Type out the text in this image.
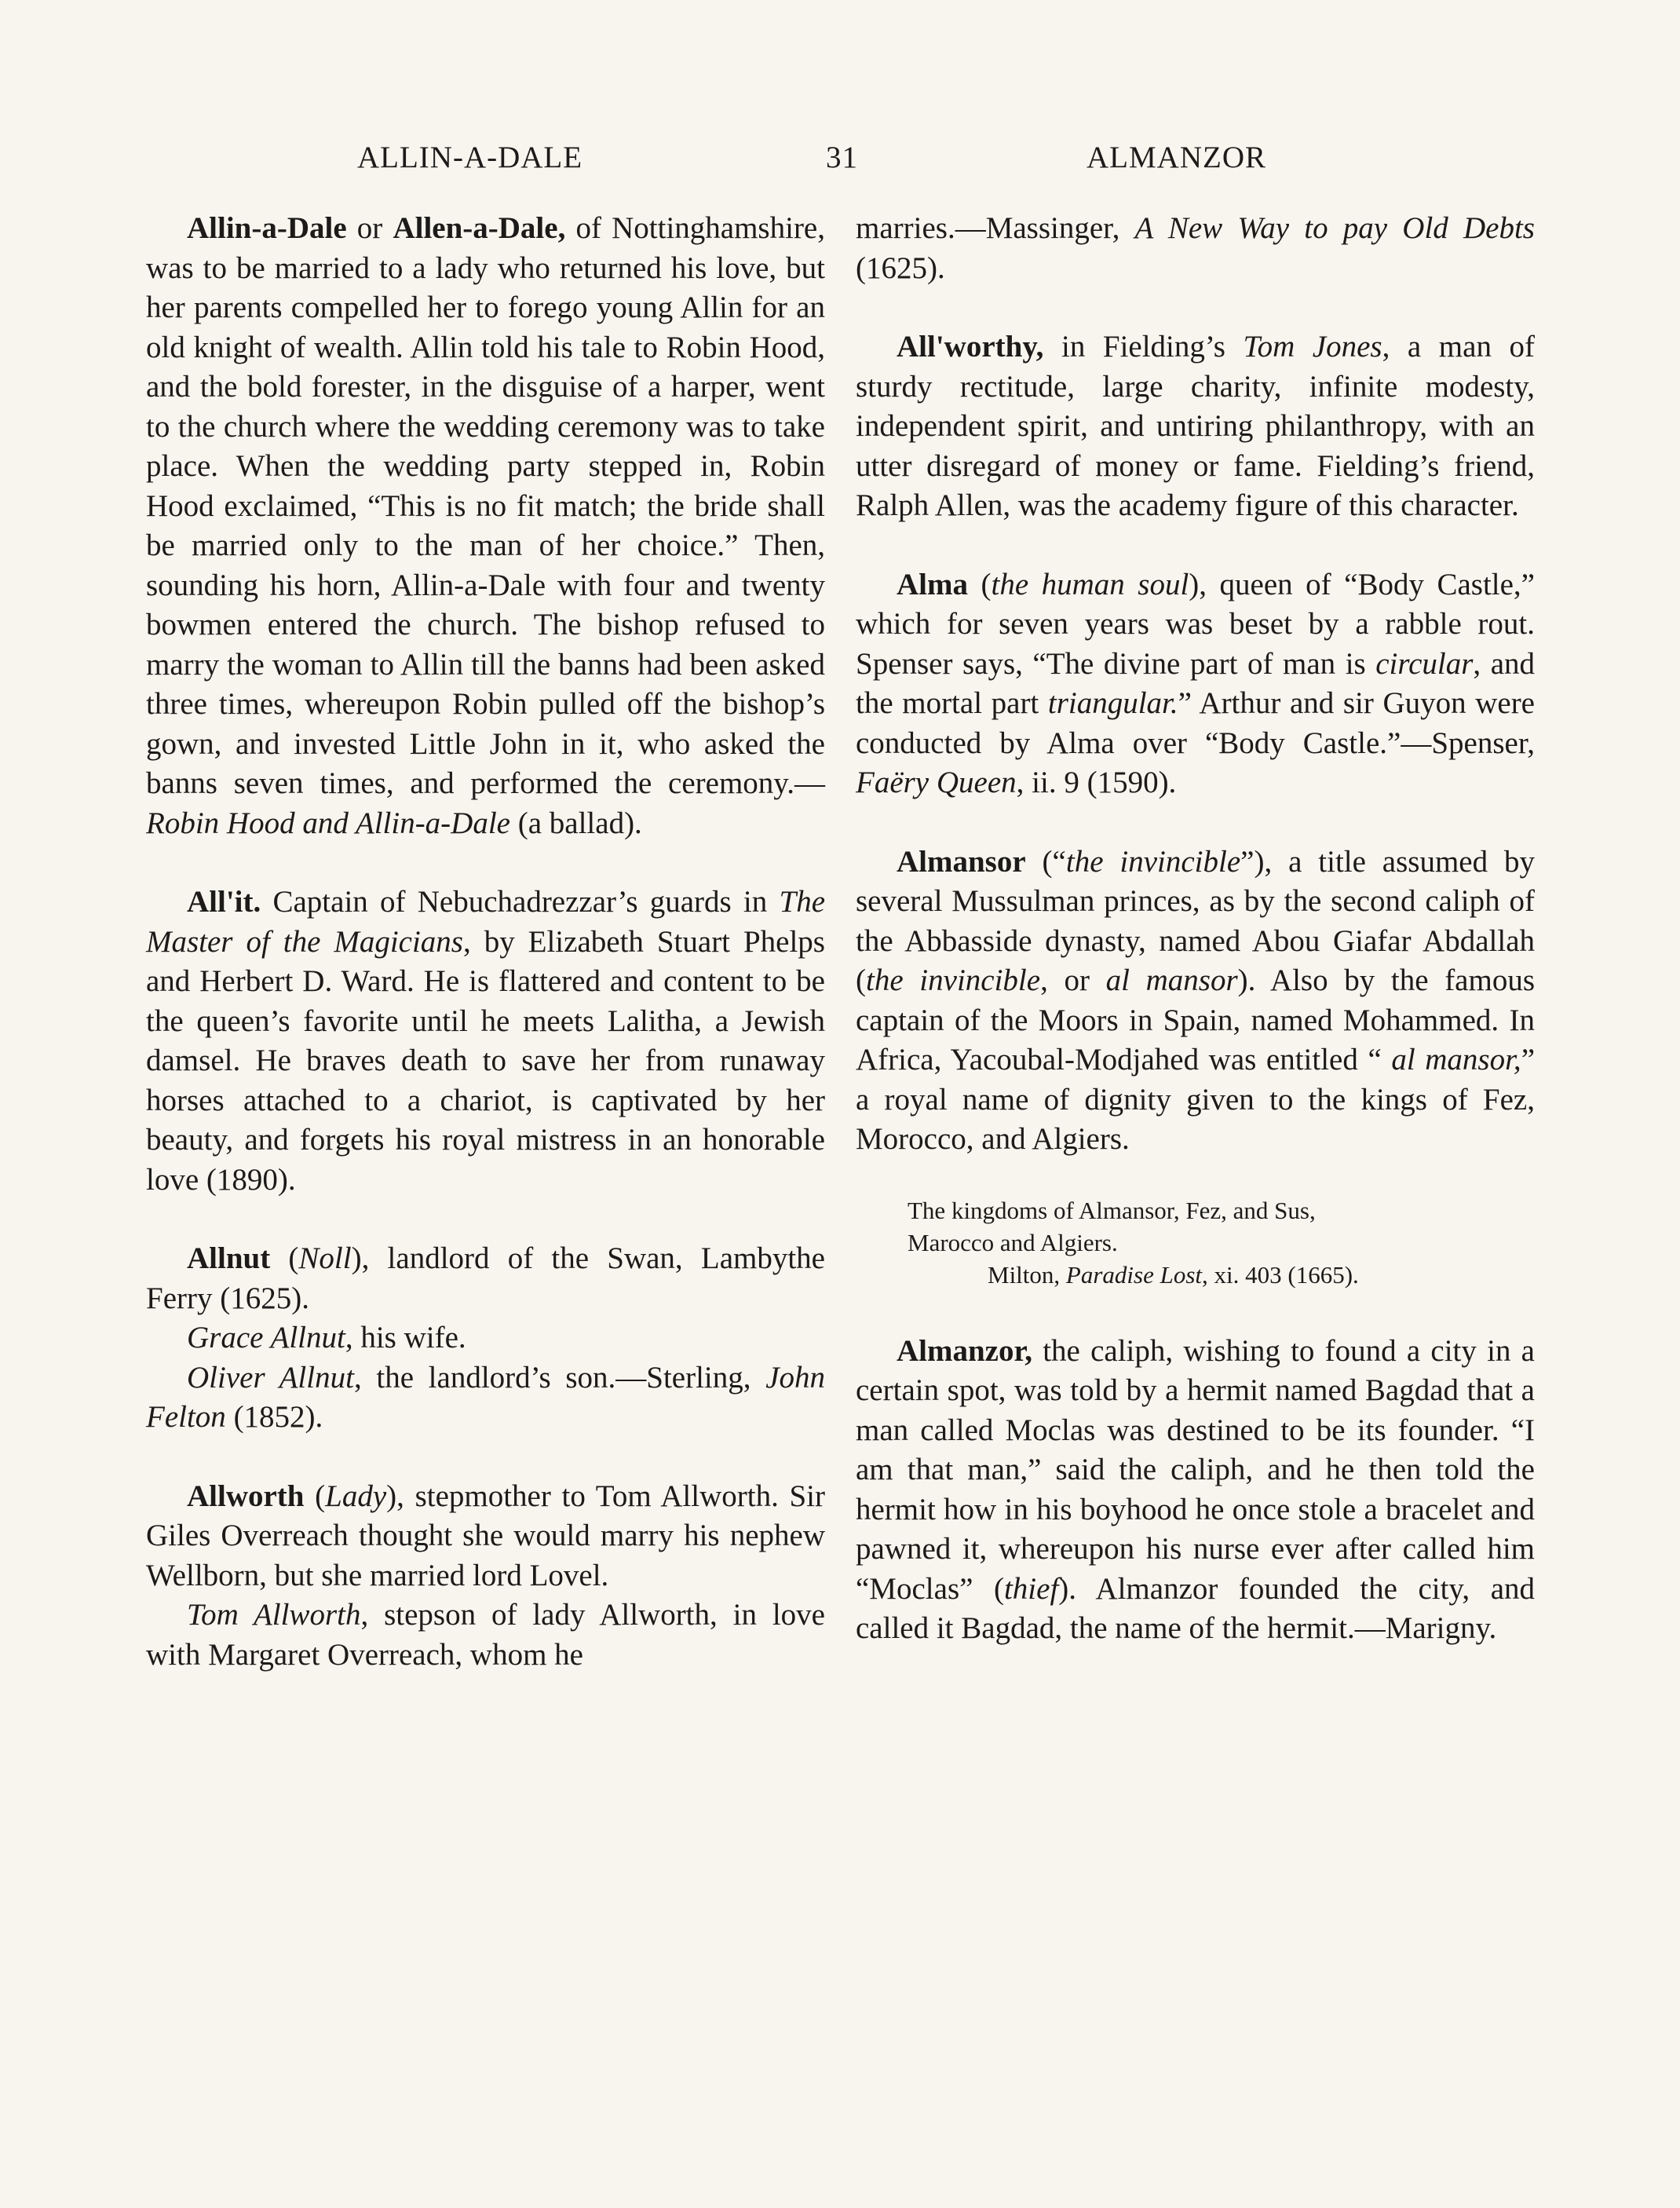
ALLIN-A-DALE	31	ALMANZOR

Allin-a-Dale or Allen-a-Dale, of Nottinghamshire, was to be married to a lady who returned his love, but her parents compelled her to forego young Allin for an old knight of wealth. Allin told his tale to Robin Hood, and the bold forester, in the disguise of a harper, went to the church where the wedding ceremony was to take place. When the wedding party stepped in, Robin Hood exclaimed, “This is no fit match; the bride shall be married only to the man of her choice.” Then, sounding his horn, Allin-a-Dale with four and twenty bowmen entered the church. The bishop refused to marry the woman to Allin till the banns had been asked three times, whereupon Robin pulled off the bishop’s gown, and invested Little John in it, who asked the banns seven times, and performed the ceremony.—Robin Hood and Allin-a-Dale (a ballad).

All'it. Captain of Nebuchadrezzar’s guards in The Master of the Magicians, by Elizabeth Stuart Phelps and Herbert D. Ward. He is flattered and content to be the queen’s favorite until he meets Lalitha, a Jewish damsel. He braves death to save her from runaway horses attached to a chariot, is captivated by her beauty, and forgets his royal mistress in an honorable love (1890).

Allnut (Noll), landlord of the Swan, Lambythe Ferry (1625).

Grace Allnut, his wife.

Oliver Allnut, the landlord’s son.—Sterling, John Felton (1852).

Allworth (Lady), stepmother to Tom Allworth. Sir Giles Overreach thought she would marry his nephew Wellborn, but she married lord Lovel.

Tom Allworth, stepson of lady Allworth, in love with Margaret Overreach, whom he

marries.—Massinger, A New Way to pay Old Debts (1625).

All'worthy, in Fielding’s Tom Jones, a man of sturdy rectitude, large charity, infinite modesty, independent spirit, and untiring philanthropy, with an utter disregard of money or fame. Fielding’s friend, Ralph Allen, was the academy figure of this character.

Alma (the human soul), queen of “Body Castle,” which for seven years was beset by a rabble rout. Spenser says, “The divine part of man is circular, and the mortal part triangular.” Arthur and sir Guyon were conducted by Alma over “Body Castle.”—Spenser, Faëry Queen, ii. 9 (1590).

Almansor (“the invincible”), a title assumed by several Mussulman princes, as by the second caliph of the Abbasside dynasty, named Abou Giafar Abdallah (the invincible, or al mansor). Also by the famous captain of the Moors in Spain, named Mohammed. In Africa, Yacoubal-Modjahed was entitled “ al mansor,” a royal name of dignity given to the kings of Fez, Morocco, and Algiers.

The kingdoms of Almansor, Fez, and Sus,
Marocco and Algiers.
Milton, Paradise Lost, xi. 403 (1665).

Almanzor, the caliph, wishing to found a city in a certain spot, was told by a hermit named Bagdad that a man called Moclas was destined to be its founder. “I am that man,” said the caliph, and he then told the hermit how in his boyhood he once stole a bracelet and pawned it, whereupon his nurse ever after called him “Moclas” (thief). Almanzor founded the city, and called it Bagdad, the name of the hermit.—Marigny.
